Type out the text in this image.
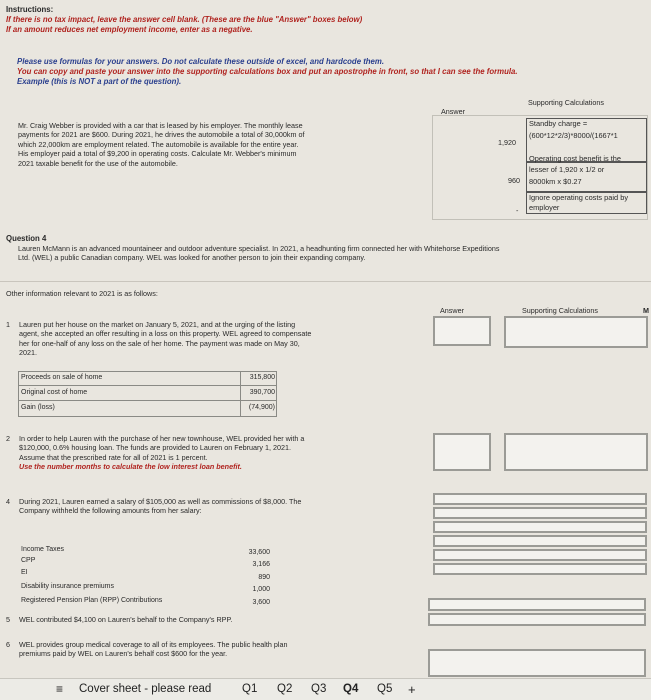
Instructions:
If there is no tax impact, leave the answer cell blank. (These are the blue "Answer" boxes below)
If an amount reduces net employment income, enter as a negative.
Please use formulas for your answers. Do not calculate these outside of excel, and hardcode them.
You can copy and paste your answer into the supporting calculations box and put an apostrophe in front, so that I can see the formula.
Example (this is NOT a part of the question).
Answer
Supporting Calculations
Mr. Craig Webber is provided with a car that is leased by his employer. The monthly lease
payments for 2021 are $600. During 2021, he drives the automobile a total of 30,000km of
which 22,000km are employment related. The automobile is available for the entire year.
His employer paid a total of $9,200 in operating costs. Calculate Mr. Webber's minimum
2021 taxable benefit for the use of the automobile.
1,920
960
-
Standby charge =
(600*12*2/3)*8000/(1667*1
Operating cost benefit is the
lesser of 1,920 x 1/2 or
8000km x $0.27
Ignore operating costs paid by
employer
Question 4
Lauren McMann is an advanced mountaineer and outdoor adventure specialist. In 2021, a headhunting firm connected her with Whitehorse Expeditions
Ltd. (WEL) a public Canadian company. WEL was looked for another person to join their expanding company.
Other information relevant to 2021 is as follows:
Answer	Supporting Calculations	M
1 Lauren put her house on the market on January 5, 2021, and at the urging of the listing
agent, she accepted an offer resulting in a loss on this property. WEL agreed to compensate
her for one-half of any loss on the sale of her home. The payment was made on May 30,
2021.
Proceeds on sale of home	315,800
Original cost of home	390,700
Gain (loss)	(74,900)
2 In order to help Lauren with the purchase of her new townhouse, WEL provided her with a
$120,000, 0.6% housing loan. The funds are provided to Lauren on February 1, 2021.
Assume that the prescribed rate for all of 2021 is 1 percent.
Use the number months to calculate the low interest loan benefit.
4 During 2021, Lauren earned a salary of $105,000 as well as commissions of $8,000. The
Company withheld the following amounts from her salary:
Income Taxes	33,600
CPP
3,166
EI
890
Disability insurance premiums	1,000
Registered Pension Plan (RPP) Contributions	3,600
5 WEL contributed $4,100 on Lauren's behalf to the Company's RPP.
6 WEL provides group medical coverage to all of its employees. The public health plan
premiums paid by WEL on Lauren's behalf cost $600 for the year.
≡ Cover sheet - please read	Q1 Q2 Q3 Q4 Q5 +
